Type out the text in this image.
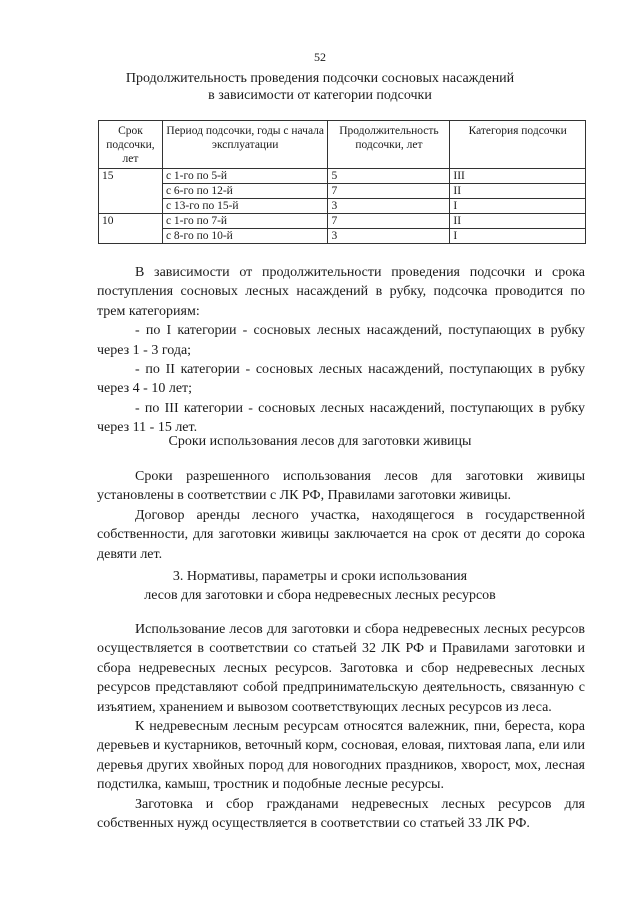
52
Продолжительность проведения подсочки сосновых насаждений
в зависимости от категории подсочки
Срок подсочки, лет	Период подсочки, годы с начала эксплуатации	Продолжительность подсочки, лет	Категория подсочки
15	с 1-го по 5-й	5	III
	с 6-го по 12-й	7	II
	с 13-го по 15-й	3	I
10	с 1-го по 7-й	7	II
	с 8-го по 10-й	3	I

В зависимости от продолжительности проведения подсочки и срока поступления сосновых лесных насаждений в рубку, подсочка проводится по трем категориям:

- по I категории - сосновых лесных насаждений, поступающих в рубку через 1 - 3 года;

- по II категории - сосновых лесных насаждений, поступающих в рубку через 4 - 10 лет;

- по III категории - сосновых лесных насаждений, поступающих в рубку через 11 - 15 лет.

Сроки использования лесов для заготовки живицы

Сроки разрешенного использования лесов для заготовки живицы установлены в соответствии с ЛК РФ, Правилами заготовки живицы.

Договор аренды лесного участка, находящегося в государственной собственности, для заготовки живицы заключается на срок от десяти до сорока девяти лет.

3. Нормативы, параметры и сроки использования
лесов для заготовки и сбора недревесных лесных ресурсов

Использование лесов для заготовки и сбора недревесных лесных ресурсов осуществляется в соответствии со статьей 32 ЛК РФ и Правилами заготовки и сбора недревесных лесных ресурсов. Заготовка и сбор недревесных лесных ресурсов представляют собой предпринимательскую деятельность, связанную с изъятием, хранением и вывозом соответствующих лесных ресурсов из леса.

К недревесным лесным ресурсам относятся валежник, пни, береста, кора деревьев и кустарников, веточный корм, сосновая, еловая, пихтовая лапа, ели или деревья других хвойных пород для новогодних праздников, хворост, мох, лесная подстилка, камыш, тростник и подобные лесные ресурсы.

Заготовка и сбор гражданами недревесных лесных ресурсов для собственных нужд осуществляется в соответствии со статьей 33 ЛК РФ.
